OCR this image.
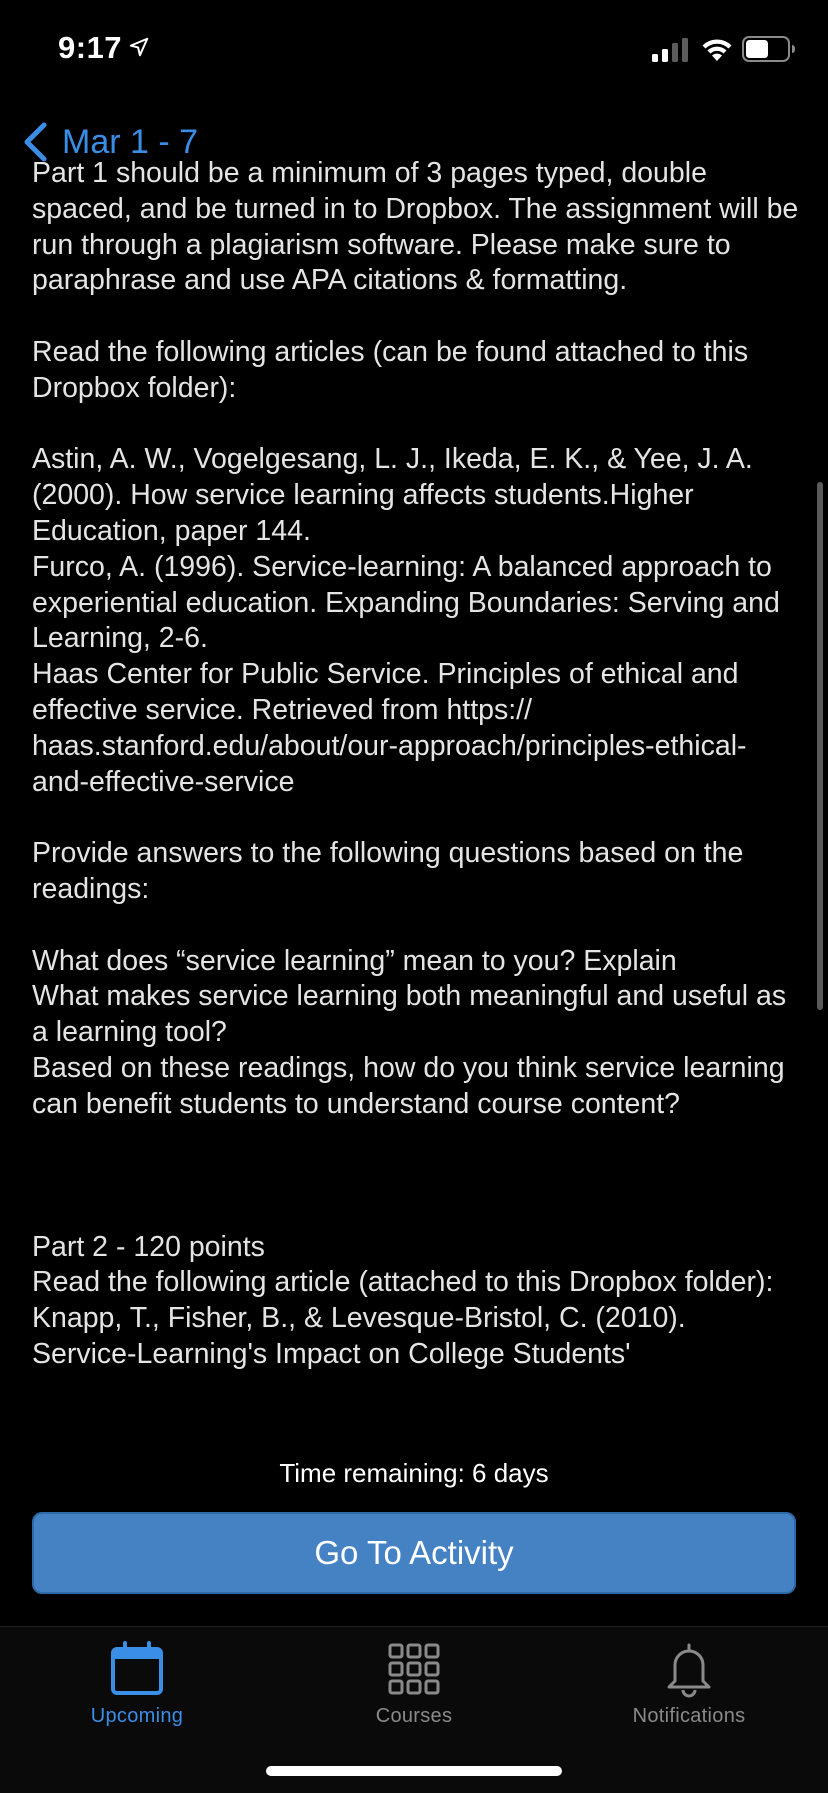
9:17
Mar 1 - 7

Part 1 should be a minimum of 3 pages typed, double spaced, and be turned in to Dropbox. The assignment will be run through a plagiarism software. Please make sure to paraphrase and use APA citations & formatting.

Read the following articles (can be found attached to this Dropbox folder):

Astin, A. W., Vogelgesang, L. J., Ikeda, E. K., & Yee, J. A. (2000). How service learning affects students.Higher Education, paper 144.

Furco, A. (1996). Service-learning: A balanced approach to experiential education. Expanding Boundaries: Serving and Learning, 2-6.

Haas Center for Public Service. Principles of ethical and effective service. Retrieved from https:// haas.stanford.edu/about/our-approach/principles-ethical-and-effective-service

Provide answers to the following questions based on the readings:

What does “service learning” mean to you? Explain

What makes service learning both meaningful and useful as a learning tool?

Based on these readings, how do you think service learning can benefit students to understand course content?

Part 2 - 120 points

Read the following article (attached to this Dropbox folder):

Knapp, T., Fisher, B., & Levesque-Bristol, C. (2010).

Service-Learning's Impact on College Students'

Time remaining: 6 days
Go To Activity
Upcoming	Courses	Notifications
